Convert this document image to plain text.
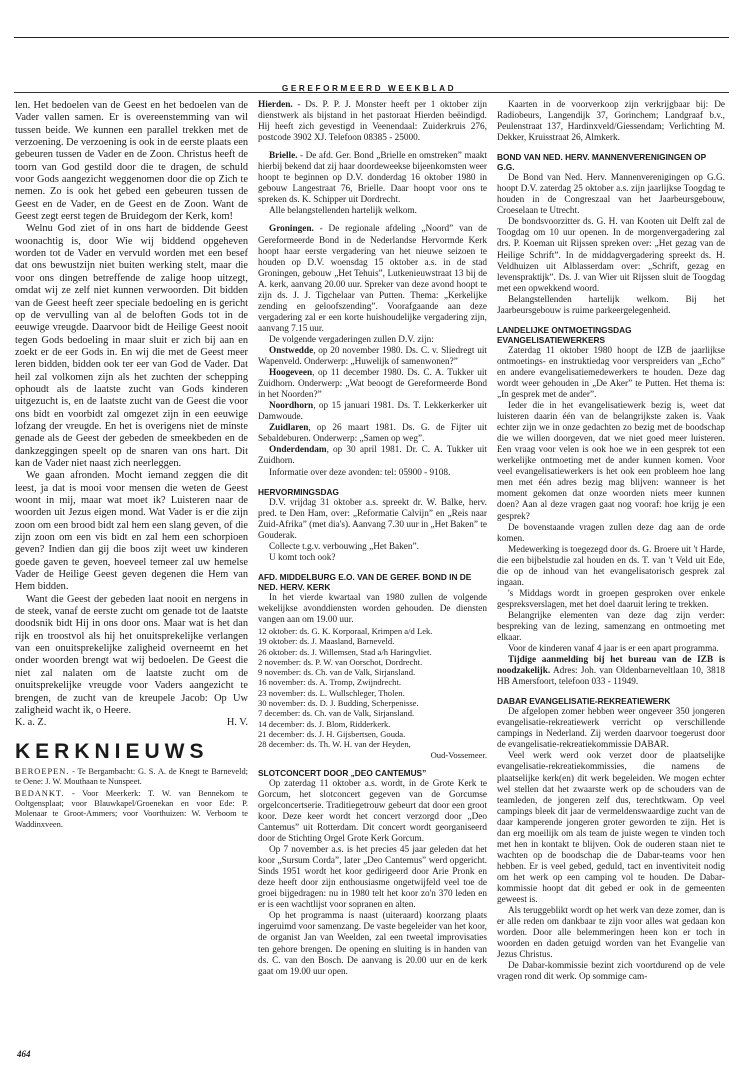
GEREFORMEERD WEEKBLAD

len. Het bedoelen van de Geest en het bedoelen van de Vader vallen samen. Er is overeenstemming van wil tussen beide. We kunnen een parallel trekken met de verzoening. De verzoening is ook in de eerste plaats een gebeuren tussen de Vader en de Zoon. Christus heeft de toorn van God gestild door die te dragen, de schuld voor Gods aangezicht weggenomen door die op Zich te nemen. Zo is ook het gebed een gebeuren tussen de Geest en de Vader, en de Geest en de Zoon. Want de Geest zegt eerst tegen de Bruidegom der Kerk, kom!

Welnu God ziet of in ons hart de biddende Geest woonachtig is, door Wie wij biddend opgeheven worden tot de Vader en vervuld worden met een besef dat ons bewustzijn niet buiten werking stelt, maar die voor ons dingen betreffende de zalige hoop uitzegt, omdat wij ze zelf niet kunnen verwoorden. Dit bidden van de Geest heeft zeer speciale bedoeling en is gericht op de vervulling van al de beloften Gods tot in de eeuwige vreugde. Daarvoor bidt de Heilige Geest nooit tegen Gods bedoeling in maar sluit er zich bij aan en zoekt er de eer Gods in. En wij die met de Geest meer leren bidden, bidden ook ter eer van God de Vader. Dat heil zal volkomen zijn als het zuchten der schepping ophoudt als de laatste zucht van Gods kinderen uitgezucht is, en de laatste zucht van de Geest die voor ons bidt en voorbidt zal omgezet zijn in een eeuwige lofzang der vreugde. En het is overigens niet de minste genade als de Geest der gebeden de smeekbeden en de dankzeggingen speelt op de snaren van ons hart. Dit kan de Vader niet naast zich neerleggen.

We gaan afronden. Mocht iemand zeggen die dit leest, ja dat is mooi voor mensen die weten de Geest woont in mij, maar wat moet ik? Luisteren naar de woorden uit Jezus eigen mond. Wat Vader is er die zijn zoon om een brood bidt zal hem een slang geven, of die zijn zoon om een vis bidt en zal hem een schorpioen geven? Indien dan gij die boos zijt weet uw kinderen goede gaven te geven, hoeveel temeer zal uw hemelse Vader de Heilige Geest geven degenen die Hem van Hem bidden.

Want die Geest der gebeden laat nooit en nergens in de steek, vanaf de eerste zucht om genade tot de laatste doodsnik bidt Hij in ons door ons. Maar wat is het dan rijk en troostvol als hij het onuitsprekelijke verlangen van een onuitsprekelijke zaligheid overneemt en het onder woorden brengt wat wij bedoelen. De Geest die niet zal nalaten om de laatste zucht om de onuitsprekelijke vreugde voor Vaders aangezicht te brengen, de zucht van de kreupele Jacob: Op Uw zaligheid wacht ik, o Heere.

K. a. Z.	H. V.
KERKNIEUWS

BEROEPEN. - Te Bergambacht: G. S. A. de Knegt te Barneveld; te Oene: J. W. Mouthaan te Nunspeet.

BEDANKT. - Voor Meerkerk: T. W. van Bennekom te Ooltgensplaat; voor Blauwkapel/Groenekan en voor Ede: P. Molenaar te Groot-Ammers; voor Voorthuizen: W. Verboom te Waddinxveen.

Hierden. - Ds. P. P. J. Monster heeft per 1 oktober zijn dienstwerk als bijstand in het pastoraat Hierden beëindigd. Hij heeft zich gevestigd in Veenendaal: Zuiderkruis 276, postcode 3902 XJ. Telefoon 08385 - 25000.

Brielle. - De afd. Ger. Bond „Brielle en omstreken” maakt hierbij bekend dat zij haar doordeweekse bijeenkomsten weer hoopt te beginnen op D.V. donderdag 16 oktober 1980 in gebouw Langestraat 76, Brielle. Daar hoopt voor ons te spreken ds. K. Schipper uit Dordrecht.

Alle belangstellenden hartelijk welkom.

Groningen. - De regionale afdeling „Noord” van de Gereformeerde Bond in de Nederlandse Hervormde Kerk hoopt haar eerste vergadering van het nieuwe seizoen te houden op D.V. woensdag 15 oktober a.s. in de stad Groningen, gebouw „Het Tehuis”, Lutkenieuwstraat 13 bij de A. kerk, aanvang 20.00 uur. Spreker van deze avond hoopt te zijn ds. J. J. Tigchelaar van Putten. Thema: „Kerkelijke zending en geloofszending”. Voorafgaande aan deze vergadering zal er een korte huishoudelijke vergadering zijn, aanvang 7.15 uur.

De volgende vergaderingen zullen D.V. zijn:

Onstwedde, op 20 november 1980. Ds. C. v. Sliedregt uit Wapenveld. Onderwerp: „Huwelijk of samenwonen?”

Hoogeveen, op 11 december 1980. Ds. C. A. Tukker uit Zuidhorn. Onderwerp: „Wat beoogt de Gereformeerde Bond in het Noorden?”

Noordhorn, op 15 januari 1981. Ds. T. Lekkerkerker uit Damwoude.

Zuidlaren, op 26 maart 1981. Ds. G. de Fijter uit Sebaldeburen. Onderwerp: „Samen op weg”.

Onderdendam, op 30 april 1981. Dr. C. A. Tukker uit Zuidhorn.

Informatie over deze avonden: tel: 05900 - 9108.

HERVORMINGSDAG

D.V. vrijdag 31 oktober a.s. spreekt dr. W. Balke, herv. pred. te Den Ham, over: „Reformatie Calvijn” en „Reis naar Zuid-Afrika” (met dia's). Aanvang 7.30 uur in „Het Baken” te Gouderak.

Collecte t.g.v. verbouwing „Het Baken”.

U komt toch ook?

AFD. MIDDELBURG E.O. VAN DE GEREF. BOND IN DE NED. HERV. KERK

In het vierde kwartaal van 1980 zullen de volgende wekelijkse avonddiensten worden gehouden. De diensten vangen aan om 19.00 uur.

12 oktober: ds. G. K. Korporaal, Krimpen a/d Lek.
19 oktober: ds. J. Maasland, Barneveld.
26 oktober: ds. J. Willemsen, Stad a/h Haringvliet.
2 november: ds. P. W. van Oorschot, Dordrecht.
9 november: ds. Ch. van de Valk, Sirjansland.
16 november: ds. A. Tromp, Zwijndrecht.
23 november: ds. L. Wullschleger, Tholen.
30 november: ds. D. J. Budding, Scherpenisse.
7 december: ds. Ch. van de Valk, Sirjansland.
14 december: ds. J. Blom, Ridderkerk.
21 december: ds. J. H. Gijsbertsen, Gouda.
28 december: ds. Th. W. H. van der Heyden,
Oud-Vossemeer.
SLOTCONCERT DOOR „DEO CANTEMUS”

Op zaterdag 11 oktober a.s. wordt, in de Grote Kerk te Gorcum, het slotconcert gegeven van de Gorcumse orgelconcertserie. Traditiegetrouw gebeurt dat door een groot koor. Deze keer wordt het concert verzorgd door „Deo Cantemus” uit Rotterdam. Dit concert wordt georganiseerd door de Stichting Orgel Grote Kerk Gorcum.

Op 7 november a.s. is het precies 45 jaar geleden dat het koor „Sursum Corda”, later „Deo Cantemus” werd opgericht. Sinds 1951 wordt het koor gedirigeerd door Arie Pronk en deze heeft door zijn enthousiasme ongetwijfeld veel toe de groei bijgedragen: nu in 1980 telt het koor zo'n 370 leden en er is een wachtlijst voor sopranen en alten.

Op het programma is naast (uiteraard) koorzang plaats ingeruimd voor samenzang. De vaste begeleider van het koor, de organist Jan van Weelden, zal een tweetal improvisaties ten gehore brengen. De opening en sluiting is in handen van ds. C. van den Bosch. De aanvang is 20.00 uur en de kerk gaat om 19.00 uur open.

Kaarten in de voorverkoop zijn verkrijgbaar bij: De Radiobeurs, Langendijk 37, Gorinchem; Landgraaf b.v., Peulenstraat 137, Hardinxveld/Giessendam; Verlichting M. Dekker, Kruisstraat 26, Almkerk.

BOND VAN NED. HERV. MANNENVERENIGINGEN OP G.G.

De Bond van Ned. Herv. Mannenverenigingen op G.G. hoopt D.V. zaterdag 25 oktober a.s. zijn jaarlijkse Toogdag te houden in de Congreszaal van het Jaarbeursgebouw, Croeselaan te Utrecht.

De bondsvoorzitter ds. G. H. van Kooten uit Delft zal de Toogdag om 10 uur openen. In de morgenvergadering zal drs. P. Koeman uit Rijssen spreken over: „Het gezag van de Heilige Schrift”. In de middagvergadering spreekt ds. H. Veldhuizen uit Alblasserdam over: „Schrift, gezag en levenspraktijk”. Ds. J. van Wier uit Rijssen sluit de Toogdag met een opwekkend woord.

Belangstellenden hartelijk welkom. Bij het Jaarbeursgebouw is ruime parkeergelegenheid.

LANDELIJKE ONTMOETINGSDAG EVANGELISATIEWERKERS

Zaterdag 11 oktober 1980 hoopt de IZB de jaarlijkse ontmoetings- en instruktiedag voor verspreiders van „Echo” en andere evangelisatiemedewerkers te houden. Deze dag wordt weer gehouden in „De Aker” te Putten. Het thema is: „In gesprek met de ander”.

Ieder die in het evangelisatiewerk bezig is, weet dat luisteren daarin één van de belangrijkste zaken is. Vaak echter zijn we in onze gedachten zo bezig met de boodschap die we willen doorgeven, dat we niet goed meer luisteren. Een vraag voor velen is ook hoe we in een gesprek tot een werkelijke ontmoeting met de ander kunnen komen. Voor veel evangelisatiewerkers is het ook een probleem hoe lang men met één adres bezig mag blijven: wanneer is het moment gekomen dat onze woorden niets meer kunnen doen? Aan al deze vragen gaat nog vooraf: hoe krijg je een gesprek?

De bovenstaande vragen zullen deze dag aan de orde komen.

Medewerking is toegezegd door ds. G. Broere uit 't Harde, die een bijbelstudie zal houden en ds. T. van 't Veld uit Ede, die op de inhoud van het evangelisatorisch gesprek zal ingaan.

's Middags wordt in groepen gesproken over enkele gespreksverslagen, met het doel daaruit lering te trekken.

Belangrijke elementen van deze dag zijn verder: bespreking van de lezing, samenzang en ontmoeting met elkaar.

Voor de kinderen vanaf 4 jaar is er een apart programma.

Tijdige aanmelding bij het bureau van de IZB is noodzakelijk. Adres: Joh. van Oldenbarneveltlaan 10, 3818 HB Amersfoort, telefoon 033 - 11949.

DABAR EVANGELISATIE-REKREATIEWERK

De afgelopen zomer hebben weer ongeveer 350 jongeren evangelisatie-rekreatiewerk verricht op verschillende campings in Nederland. Zij werden daarvoor toegerust door de evangelisatie-rekreatiekommissie DABAR.

Veel werk werd ook verzet door de plaatselijke evangelisatie-rekreatiekommissies, die namens de plaatselijke kerk(en) dit werk begeleiden. We mogen echter wel stellen dat het zwaarste werk op de schouders van de teamleden, de jongeren zelf dus, terechtkwam. Op veel campings bleek dit jaar de vermeldenswaardige zucht van de daar kamperende jongeren groter geworden te zijn. Het is dan erg moeilijk om als team de juiste wegen te vinden toch met hen in kontakt te blijven. Ook de ouderen staan niet te wachten op de boodschap die de Dabar-teams voor hen hebben. Er is veel gebed, geduld, tact en inventiviteit nodig om het werk op een camping vol te houden. De Dabar-kommissie hoopt dat dit gebed er ook in de gemeenten geweest is.

Als teruggeblikt wordt op het werk van deze zomer, dan is er alle reden om dankbaar te zijn voor alles wat gedaan kon worden. Door alle belemmeringen heen kon er toch in woorden en daden getuigd worden van het Evangelie van Jezus Christus.

De Dabar-kommissie bezint zich voortdurend op de vele vragen rond dit werk. Op sommige cam-

464
